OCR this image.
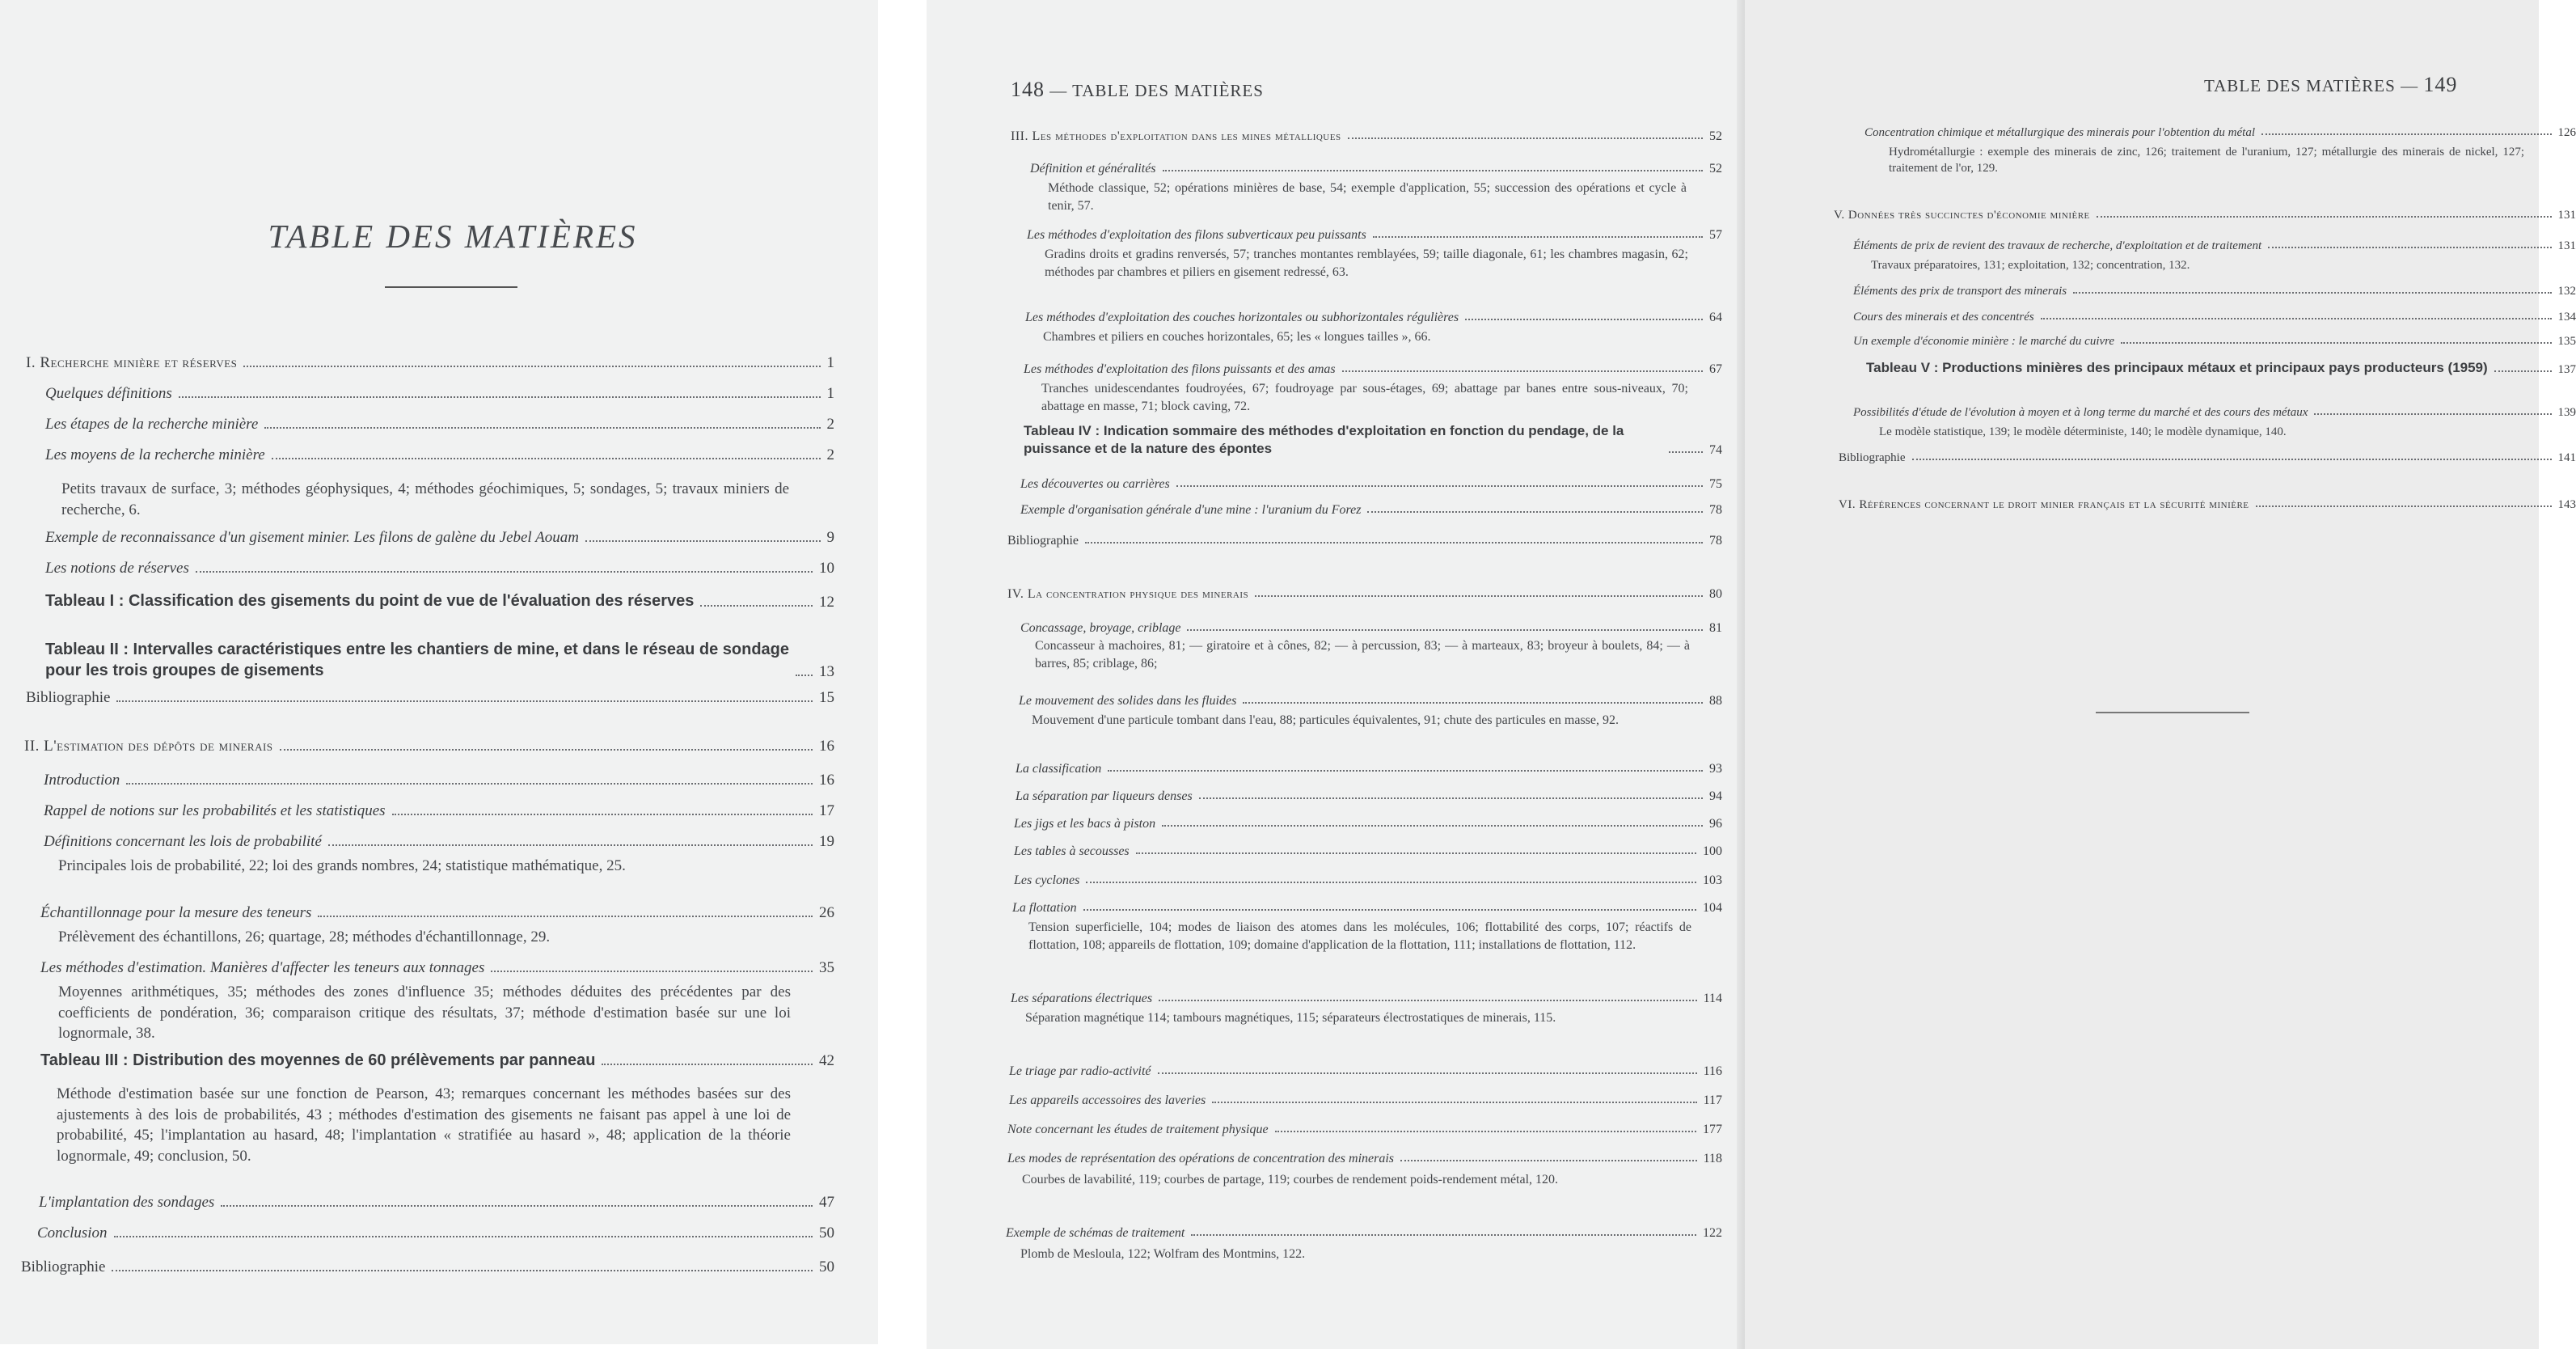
TABLE DES MATIÈRES
I. Recherche minière et réserves	1
Quelques définitions	1
Les étapes de la recherche minière	2
Les moyens de la recherche minière	2
Petits travaux de surface, 3; méthodes géophysiques, 4; méthodes géochimiques, 5; sondages, 5; travaux miniers de recherche, 6.
Exemple de reconnaissance d'un gisement minier. Les filons de galène du Jebel Aouam	9
Les notions de réserves	10
Tableau I : Classification des gisements du point de vue de l'évaluation des réserves	12
Tableau II : Intervalles caractéristiques entre les chantiers de mine, et dans le réseau de sondage pour les trois groupes de gisements	13
Bibliographie	15
II. L'estimation des dépôts de minerais	16
Introduction	16
Rappel de notions sur les probabilités et les statistiques	17
Définitions concernant les lois de probabilité	19
Principales lois de probabilité, 22; loi des grands nombres, 24; statistique mathématique, 25.
Échantillonnage pour la mesure des teneurs	26
Prélèvement des échantillons, 26; quartage, 28; méthodes d'échantillonnage, 29.
Les méthodes d'estimation. Manières d'affecter les teneurs aux tonnages	35
Moyennes arithmétiques, 35; méthodes des zones d'influence 35; méthodes déduites des précédentes par des coefficients de pondération, 36; comparaison critique des résultats, 37; méthode d'estimation basée sur une loi lognormale, 38.
Tableau III : Distribution des moyennes de 60 prélèvements par panneau	42
Méthode d'estimation basée sur une fonction de Pearson, 43; remarques concernant les méthodes basées sur des ajustements à des lois de probabilités, 43 ; méthodes d'estimation des gisements ne faisant pas appel à une loi de probabilité, 45; l'implantation au hasard, 48; l'implantation « stratifiée au hasard », 48; application de la théorie lognormale, 49; conclusion, 50.
L'implantation des sondages	47
Conclusion	50
Bibliographie	50
148 — TABLE DES MATIÈRES
III. Les méthodes d'exploitation dans les mines métalliques	52
Définition et généralités	52
Méthode classique, 52; opérations minières de base, 54; exemple d'application, 55; succession des opérations et cycle à tenir, 57.
Les méthodes d'exploitation des filons subverticaux peu puissants	57
Gradins droits et gradins renversés, 57; tranches montantes remblayées, 59; taille diagonale, 61; les chambres magasin, 62; méthodes par chambres et piliers en gisement redressé, 63.
Les méthodes d'exploitation des couches horizontales ou subhorizontales régulières	64
Chambres et piliers en couches horizontales, 65; les « longues tailles », 66.
Les méthodes d'exploitation des filons puissants et des amas	67
Tranches unidescendantes foudroyées, 67; foudroyage par sous-étages, 69; abattage par banes entre sous-niveaux, 70; abattage en masse, 71; block caving, 72.
Tableau IV : Indication sommaire des méthodes d'exploitation en fonction du pendage, de la puissance et de la nature des épontes	74
Les découvertes ou carrières	75
Exemple d'organisation générale d'une mine : l'uranium du Forez	78
Bibliographie	78
IV. La concentration physique des minerais	80
Concassage, broyage, criblage	81
Concasseur à machoires, 81; — giratoire et à cônes, 82; — à percussion, 83; — à marteaux, 83; broyeur à boulets, 84; — à barres, 85; criblage, 86;
Le mouvement des solides dans les fluides	88
Mouvement d'une particule tombant dans l'eau, 88; particules équivalentes, 91; chute des particules en masse, 92.
La classification	93
La séparation par liqueurs denses	94
Les jigs et les bacs à piston	96
Les tables à secousses	100
Les cyclones	103
La flottation	104
Tension superficielle, 104; modes de liaison des atomes dans les molécules, 106; flottabilité des corps, 107; réactifs de flottation, 108; appareils de flottation, 109; domaine d'application de la flottation, 111; installations de flottation, 112.
Les séparations électriques	114
Séparation magnétique 114; tambours magnétiques, 115; séparateurs électrostatiques de minerais, 115.
Le triage par radio-activité	116
Les appareils accessoires des laveries	117
Note concernant les études de traitement physique	177
Les modes de représentation des opérations de concentration des minerais	118
Courbes de lavabilité, 119; courbes de partage, 119; courbes de rendement poids-rendement métal, 120.
Exemple de schémas de traitement	122
Plomb de Mesloula, 122; Wolfram des Montmins, 122.
TABLE DES MATIÈRES — 149
Concentration chimique et métallurgique des minerais pour l'obtention du métal	126
Hydrométallurgie : exemple des minerais de zinc, 126; traitement de l'uranium, 127; métallurgie des minerais de nickel, 127; traitement de l'or, 129.
V. Données très succinctes d'économie minière	131
Éléments de prix de revient des travaux de recherche, d'exploitation et de traitement	131
Travaux préparatoires, 131; exploitation, 132; concentration, 132.
Éléments des prix de transport des minerais	132
Cours des minerais et des concentrés	134
Un exemple d'économie minière : le marché du cuivre	135
Tableau V : Productions minières des principaux métaux et principaux pays producteurs (1959)	137
Possibilités d'étude de l'évolution à moyen et à long terme du marché et des cours des métaux	139
Le modèle statistique, 139; le modèle déterministe, 140; le modèle dynamique, 140.
Bibliographie	141
VI. Références concernant le droit minier français et la sécurité minière	143
